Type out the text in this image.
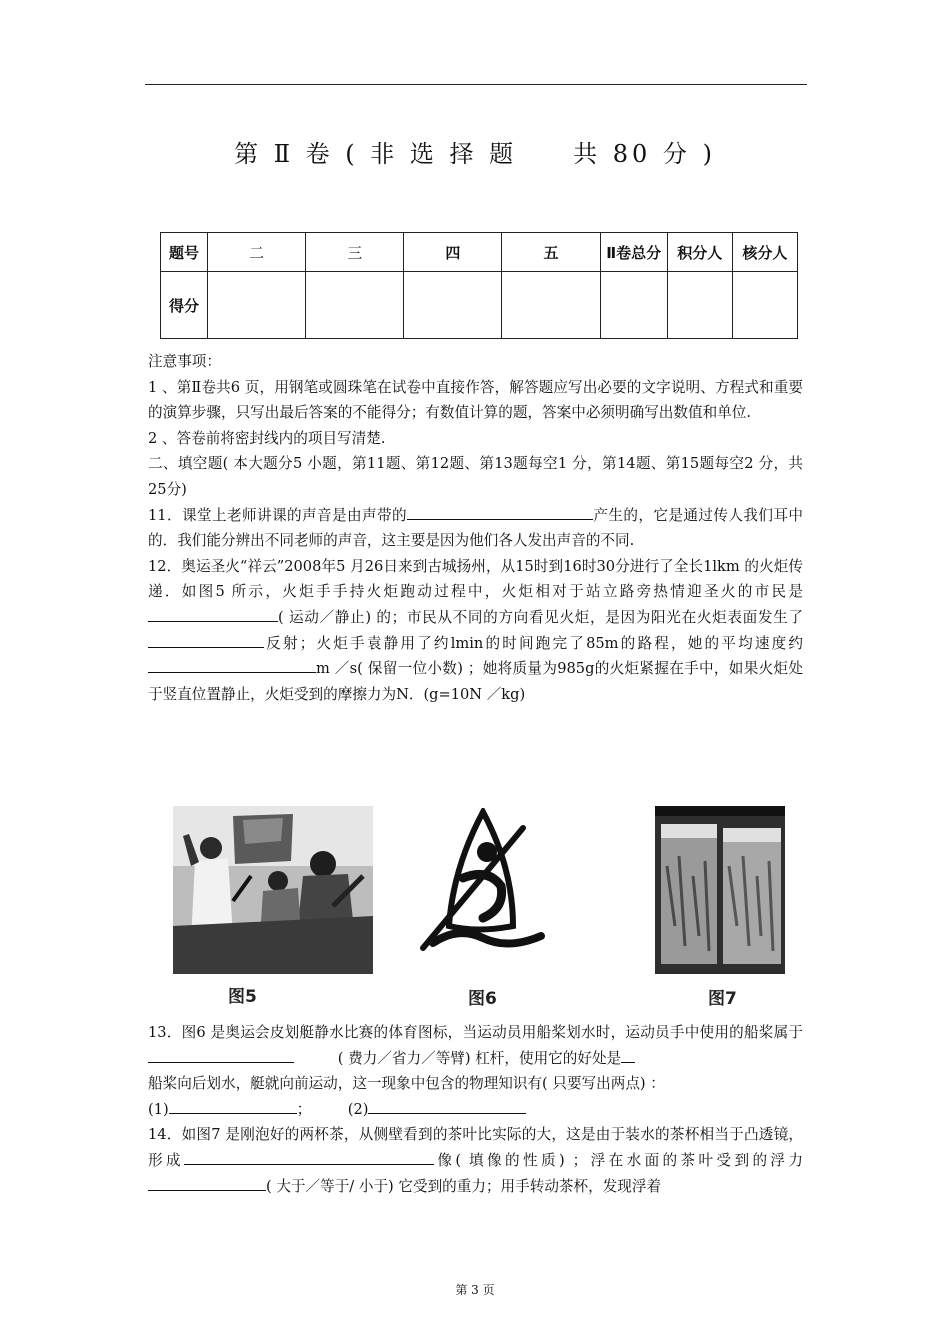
第 Ⅱ 卷 ( 非 选 择 题　　共 80 分 )
题号	二	三	四	五	Ⅱ卷总分	积分人	核分人
得分							

注意事项：

1 、第Ⅱ卷共6 页，用钢笔或圆珠笔在试卷中直接作答，解答题应写出必要的文字说明、方程式和重要的演算步骤，只写出最后答案的不能得分；有数值计算的题，答案中必须明确写出数值和单位.

2 、答卷前将密封线内的项目写清楚.

二、填空题( 本大题分5 小题，第11题、第12题、第13题每空1 分，第14题、第15题每空2 分，共25分)

11．课堂上老师讲课的声音是由声带的	产生的，它是通过传人我们耳中的．我们能分辨出不同老师的声音，这主要是因为他们各人发出声音的不同.

12．奥运圣火“祥云”2008年5 月26日来到古城扬州，从15时到16时30分进行了全长1lkm 的火炬传递．如图5 所示，火炬手手持火炬跑动过程中，火炬相对于站立路旁热情迎圣火的市民是( 运动／静止) 的；市民从不同的方向看见火炬，是因为阳光在火炬表面发生了反射；火炬手袁静用了约lmin的时间跑完了85m的路程，她的平均速度约m ／s( 保留一位小数) ；她将质量为985g的火炬紧握在手中，如果火炬处于竖直位置静止，火炬受到的摩擦力为N．(g=10N ／kg)

图5	图6	图7

13．图6 是奥运会皮划艇静水比赛的体育图标，当运动员用船桨划水时，运动员手中使用的船桨属于　　　( 费力／省力／等臂) 杠杆，使用它的好处是

船桨向后划水，艇就向前运动，这一现象中包含的物理知识有( 只要写出两点) ：

(1)	；　　　	(2)

14．如图7 是刚泡好的两杯茶，从侧壁看到的茶叶比实际的大，这是由于装水的茶杯相当于凸透镜，形成	像( 填像的性质) ；浮在水面的茶叶受到的浮力( 大于／等于/ 小于) 它受到的重力；用手转动茶杯，发现浮着

第 3 页
